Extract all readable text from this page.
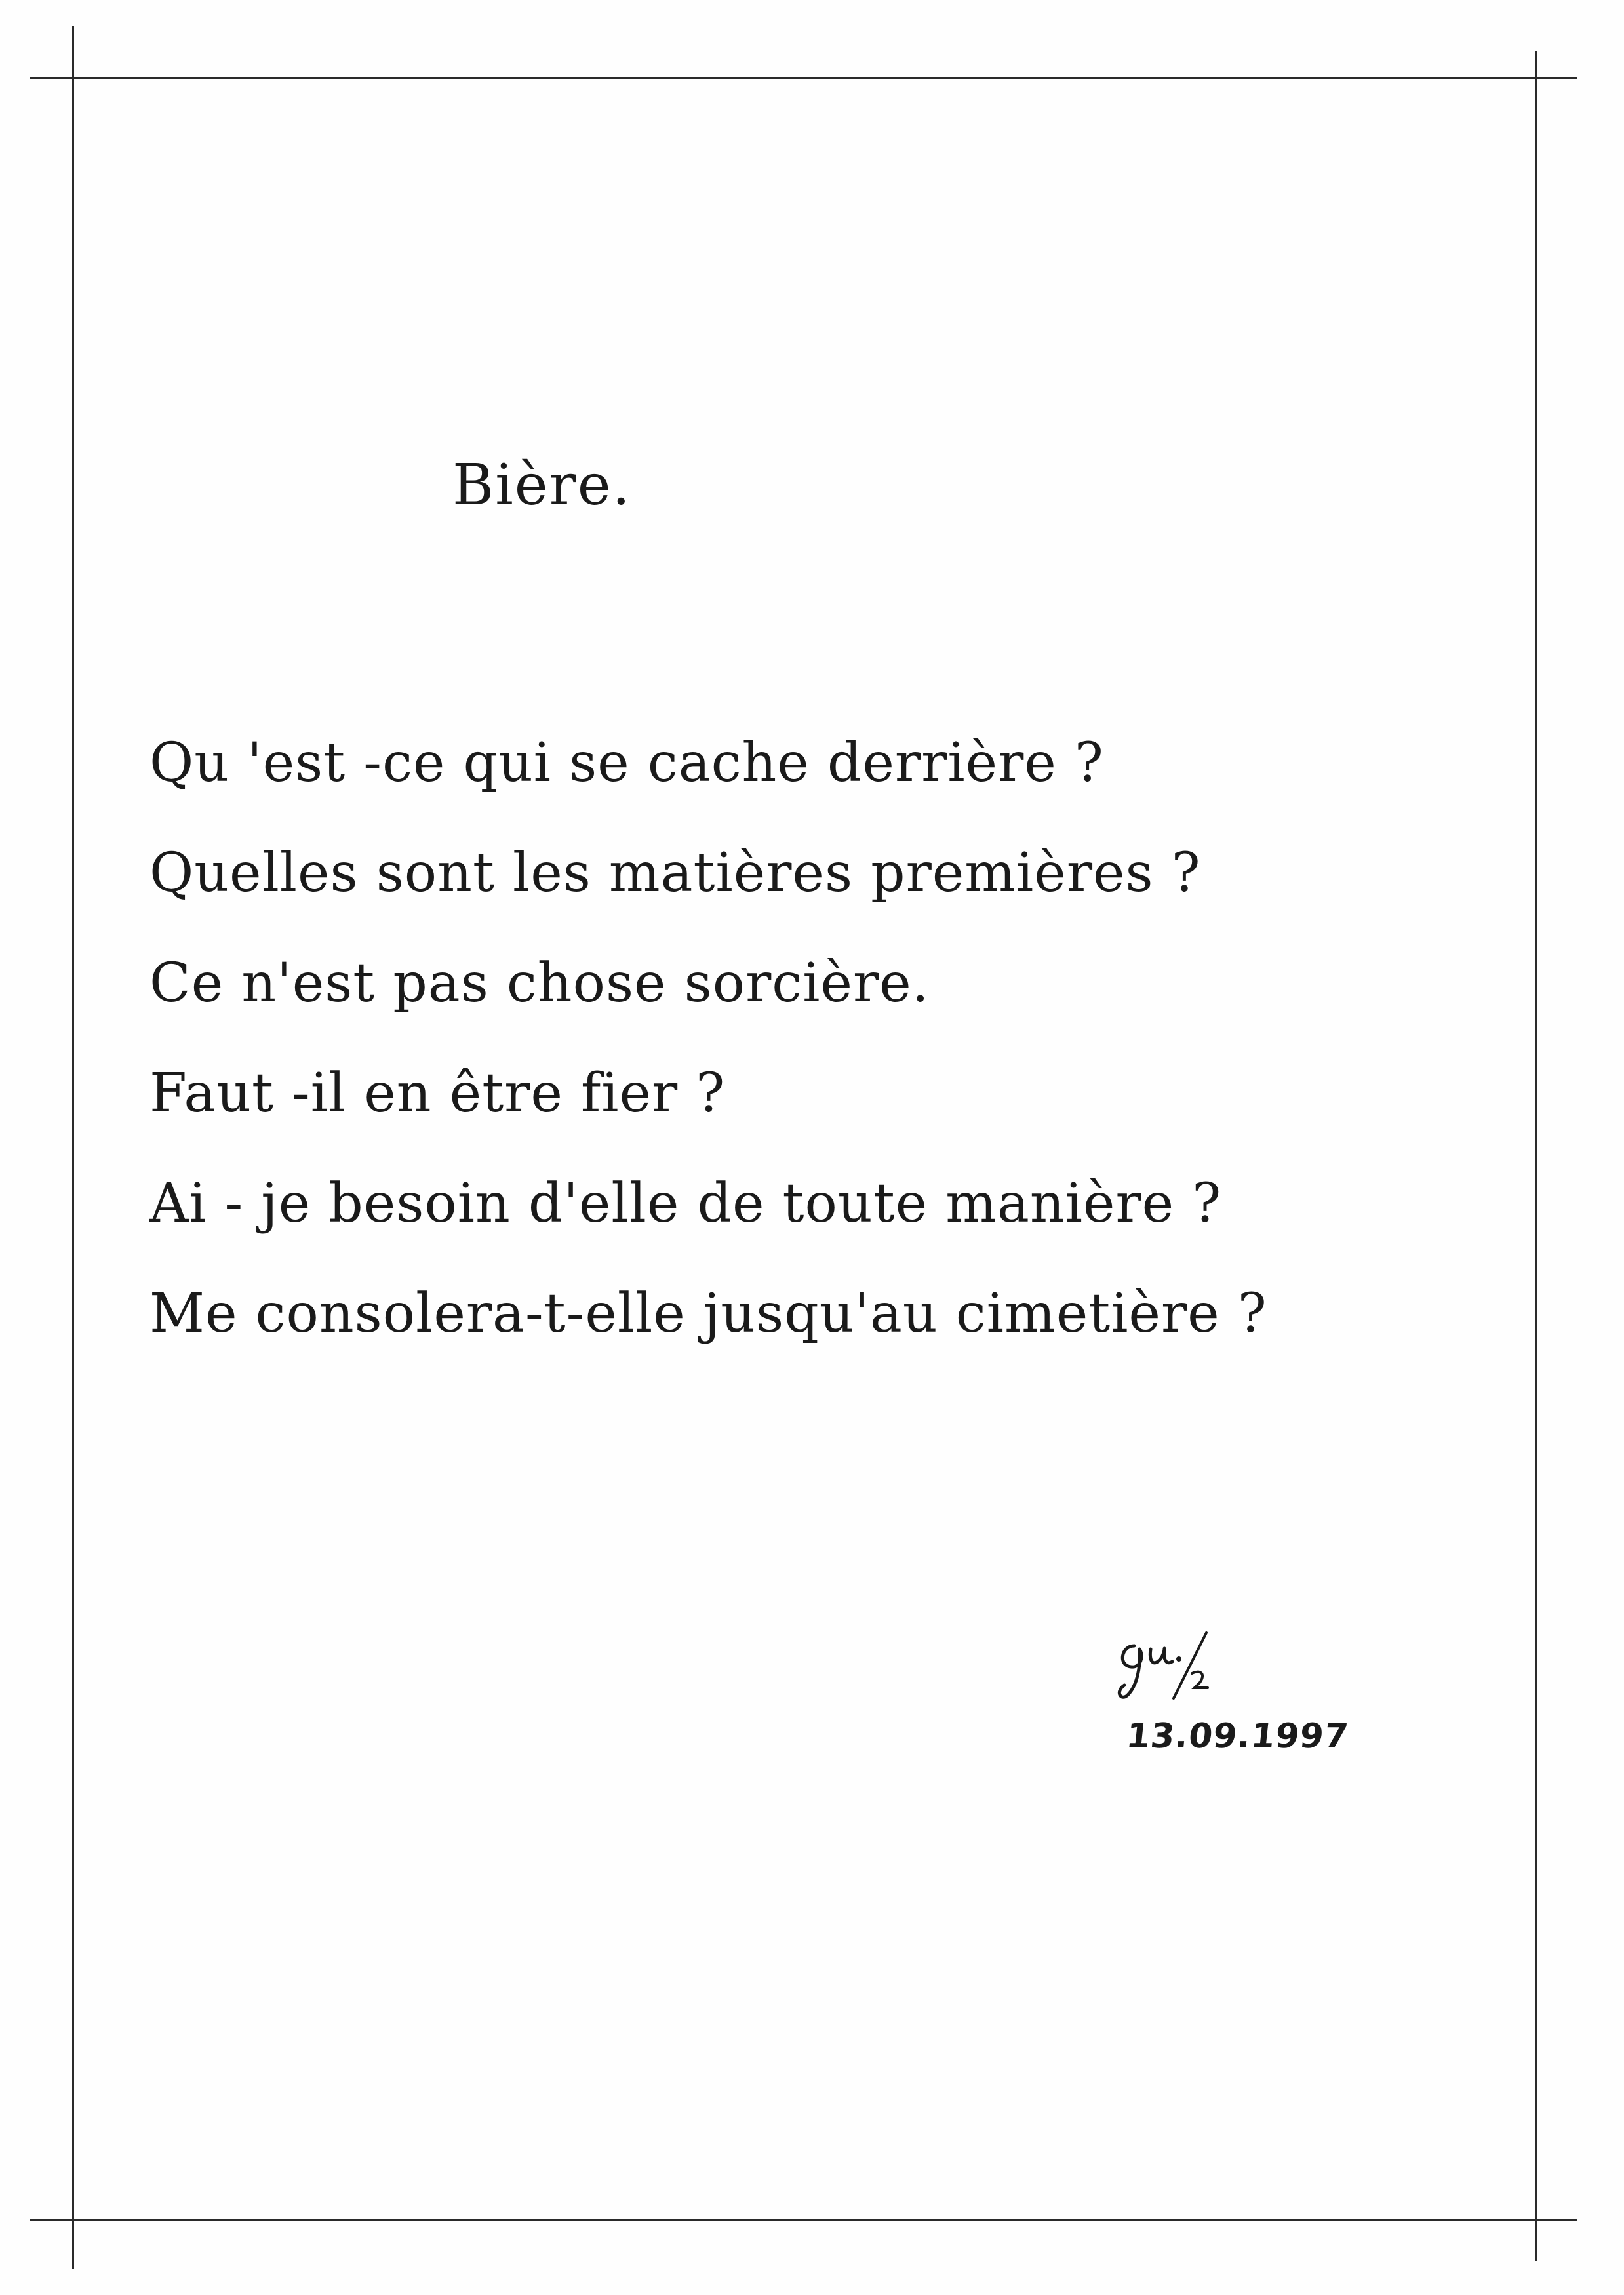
Bière.
Qu 'est -ce qui se cache derrière ?
Quelles sont les matières premières ?
Ce n'est pas chose sorcière.
Faut -il en être fier ?
Ai - je besoin d'elle de toute manière ?
Me consolera-t-elle jusqu'au cimetière ?
13.09.1997
